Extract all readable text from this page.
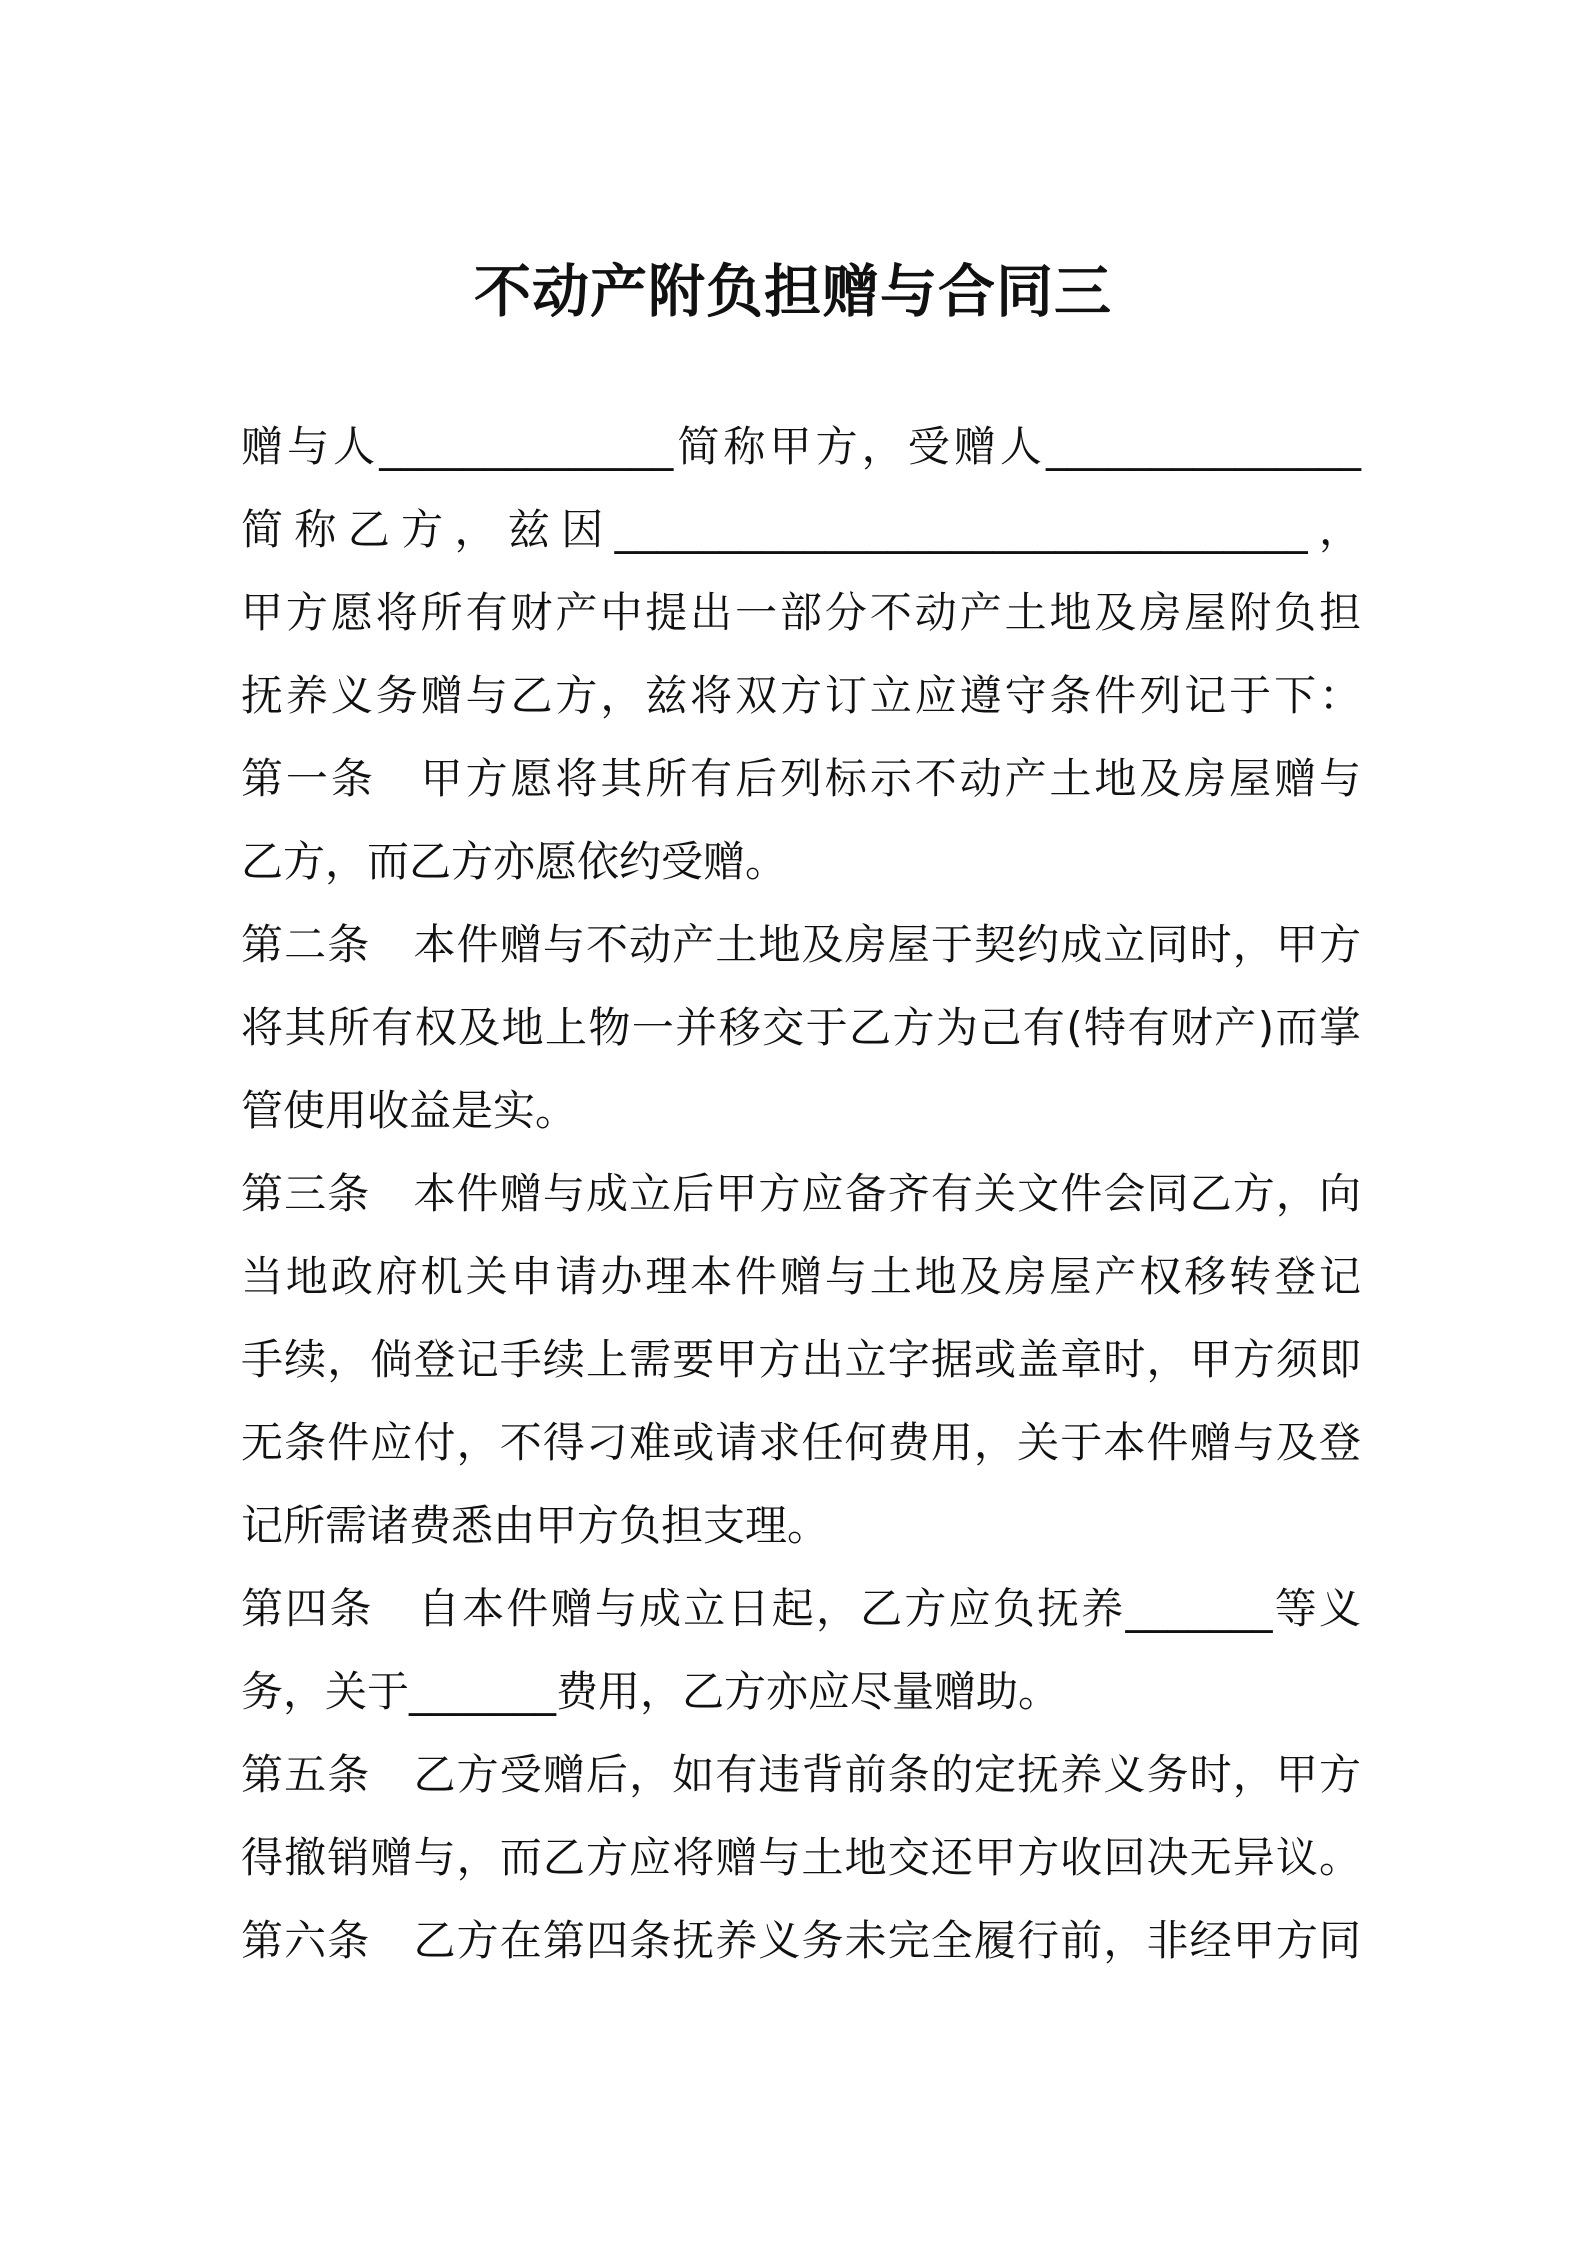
不动产附负担赠与合同三

赠与人______________简称甲方，受赠人_______________

简称乙方，兹因_________________________________，

甲方愿将所有财产中提出一部分不动产土地及房屋附负担

抚养义务赠与乙方，兹将双方订立应遵守条件列记于下：

第一条　甲方愿将其所有后列标示不动产土地及房屋赠与

乙方，而乙方亦愿依约受赠。

第二条　本件赠与不动产土地及房屋于契约成立同时，甲方

将其所有权及地上物一并移交于乙方为己有(特有财产)而掌

管使用收益是实。

第三条　本件赠与成立后甲方应备齐有关文件会同乙方，向

当地政府机关申请办理本件赠与土地及房屋产权移转登记

手续，倘登记手续上需要甲方出立字据或盖章时，甲方须即

无条件应付，不得刁难或请求任何费用，关于本件赠与及登

记所需诸费悉由甲方负担支理。

第四条　自本件赠与成立日起，乙方应负抚养_______等义

务，关于_______费用，乙方亦应尽量赠助。

第五条　乙方受赠后，如有违背前条的定抚养义务时，甲方

得撤销赠与，而乙方应将赠与土地交还甲方收回决无异议。

第六条　乙方在第四条抚养义务未完全履行前，非经甲方同
